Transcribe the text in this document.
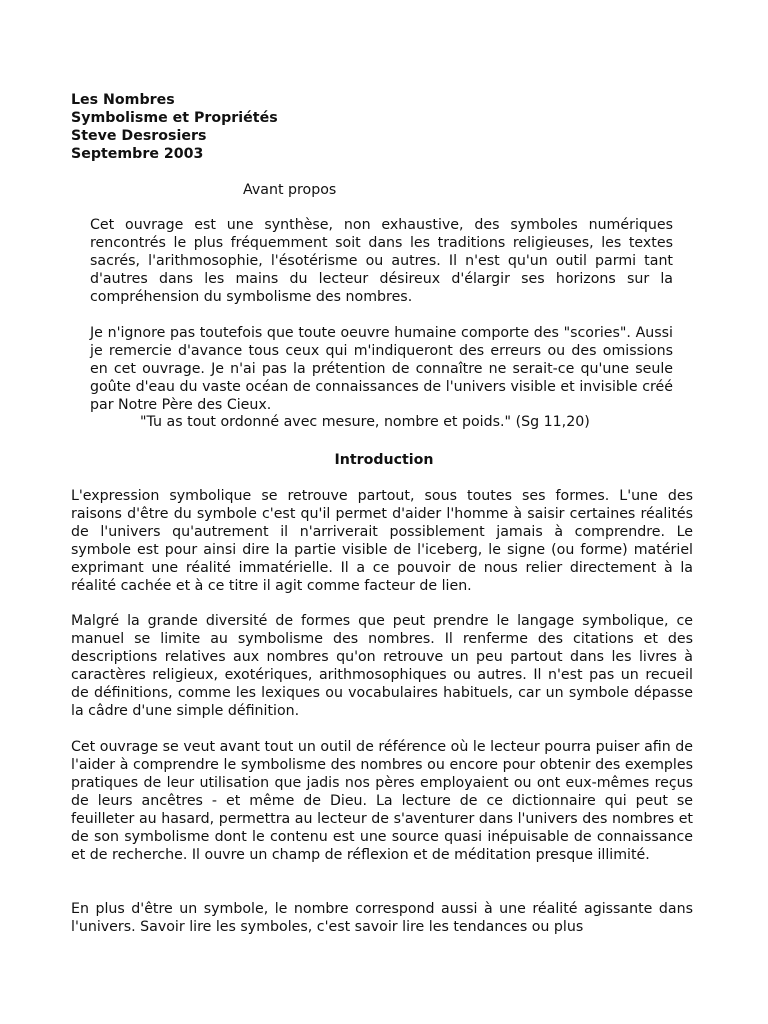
Les Nombres
Symbolisme et Propriétés
Steve Desrosiers
Septembre 2003
Avant propos
Cet ouvrage est une synthèse, non exhaustive, des symboles numériques rencontrés le plus fréquemment soit dans les traditions religieuses, les textes sacrés, l'arithmosophie, l'ésotérisme ou autres. Il n'est qu'un outil parmi tant d'autres dans les mains du lecteur désireux d'élargir ses horizons sur la compréhension du symbolisme des nombres.
Je n'ignore pas toutefois que toute oeuvre humaine comporte des "scories". Aussi je remercie d'avance tous ceux qui m'indiqueront des erreurs ou des omissions en cet ouvrage. Je n'ai pas la prétention de connaître ne serait-ce qu'une seule goûte d'eau du vaste océan de connaissances de l'univers visible et invisible créé par Notre Père des Cieux.
"Tu as tout ordonné avec mesure, nombre et poids." (Sg 11,20)
Introduction
L'expression symbolique se retrouve partout, sous toutes ses formes. L'une des raisons d'être du symbole c'est qu'il permet d'aider l'homme à saisir certaines réalités de l'univers qu'autrement il n'arriverait possiblement jamais à comprendre. Le symbole est pour ainsi dire la partie visible de l'iceberg, le signe (ou forme) matériel exprimant une réalité immatérielle. Il a ce pouvoir de nous relier directement à la réalité cachée et à ce titre il agit comme facteur de lien.
Malgré la grande diversité de formes que peut prendre le langage symbolique, ce manuel se limite au symbolisme des nombres. Il renferme des citations et des descriptions relatives aux nombres qu'on retrouve un peu partout dans les livres à caractères religieux, exotériques, arithmosophiques ou autres. Il n'est pas un recueil de définitions, comme les lexiques ou vocabulaires habituels, car un symbole dépasse la câdre d'une simple définition.
Cet ouvrage se veut avant tout un outil de référence où le lecteur pourra puiser afin de l'aider à comprendre le symbolisme des nombres ou encore pour obtenir des exemples pratiques de leur utilisation que jadis nos pères employaient ou ont eux-mêmes reçus de leurs ancêtres - et même de Dieu. La lecture de ce dictionnaire qui peut se feuilleter au hasard, permettra au lecteur de s'aventurer dans l'univers des nombres et de son symbolisme dont le contenu est une source quasi inépuisable de connaissance et de recherche. Il ouvre un champ de réflexion et de méditation presque illimité.
En plus d'être un symbole, le nombre correspond aussi à une réalité agissante dans l'univers. Savoir lire les symboles, c'est savoir lire les tendances ou plus
